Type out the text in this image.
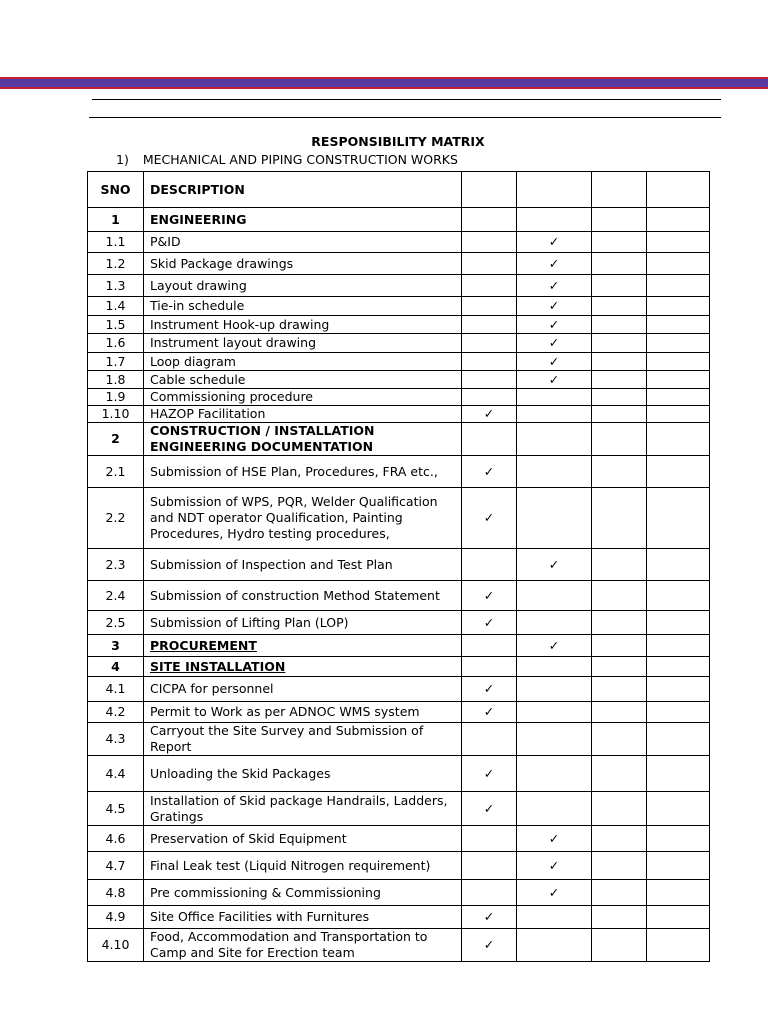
RESPONSIBILITY MATRIX
1) MECHANICAL AND PIPING CONSTRUCTION WORKS
SNO	DESCRIPTION				
1	ENGINEERING				
1.1	P&ID		✓		
1.2	Skid Package drawings		✓		
1.3	Layout drawing		✓		
1.4	Tie-in schedule		✓		
1.5	Instrument Hook-up drawing		✓		
1.6	Instrument layout drawing		✓		
1.7	Loop diagram		✓		
1.8	Cable schedule		✓		
1.9	Commissioning procedure				
1.10	HAZOP Facilitation	✓			
2	CONSTRUCTION / INSTALLATION ENGINEERING DOCUMENTATION				
2.1	Submission of HSE Plan, Procedures, FRA etc.,	✓			
2.2	Submission of WPS, PQR, Welder Qualification and NDT operator Qualification, Painting Procedures, Hydro testing procedures,	✓			
2.3	Submission of Inspection and Test Plan		✓		
2.4	Submission of construction Method Statement	✓			
2.5	Submission of Lifting Plan (LOP)	✓			
3	PROCUREMENT		✓		
4	SITE INSTALLATION				
4.1	CICPA for personnel	✓			
4.2	Permit to Work as per ADNOC WMS system	✓			
4.3	Carryout the Site Survey and Submission of Report				
4.4	Unloading the Skid Packages	✓			
4.5	Installation of Skid package Handrails, Ladders, Gratings	✓			
4.6	Preservation of Skid Equipment		✓		
4.7	Final Leak test (Liquid Nitrogen requirement)		✓		
4.8	Pre commissioning & Commissioning		✓		
4.9	Site Office Facilities with Furnitures	✓			
4.10	Food, Accommodation and Transportation to Camp and Site for Erection team	✓			
